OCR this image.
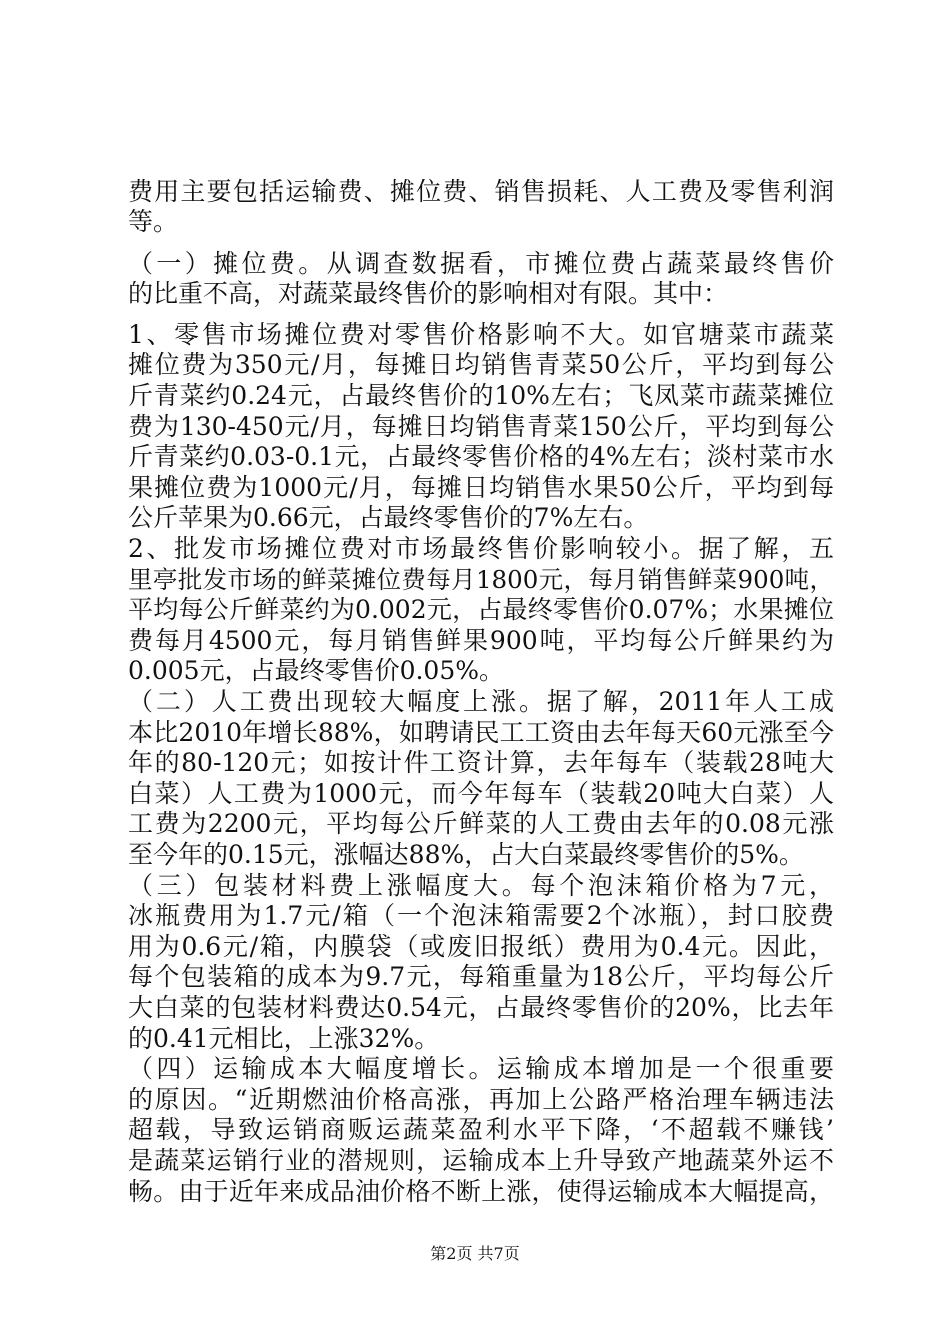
费用主要包括运输费、摊位费、销售损耗、人工费及零售利润
等。
（一）摊位费。从调查数据看，市摊位费占蔬菜最终售价
的比重不高，对蔬菜最终售价的影响相对有限。其中：
1、零售市场摊位费对零售价格影响不大。如官塘菜市蔬菜
摊位费为350元/月，每摊日均销售青菜50公斤，平均到每公
斤青菜约0.24元，占最终售价的10%左右；飞凤菜市蔬菜摊位
费为130-450元/月，每摊日均销售青菜150公斤，平均到每公
斤青菜约0.03-0.1元，占最终零售价格的4%左右；淡村菜市水
果摊位费为1000元/月，每摊日均销售水果50公斤，平均到每
公斤苹果为0.66元，占最终零售价的7%左右。
2、批发市场摊位费对市场最终售价影响较小。据了解，五
里亭批发市场的鲜菜摊位费每月1800元，每月销售鲜菜900吨，
平均每公斤鲜菜约为0.002元，占最终零售价0.07%；水果摊位
费每月4500元，每月销售鲜果900吨，平均每公斤鲜果约为
0.005元，占最终零售价0.05%。
（二）人工费出现较大幅度上涨。据了解，2011年人工成
本比2010年增长88%，如聘请民工工资由去年每天60元涨至今
年的80-120元；如按计件工资计算，去年每车（装载28吨大
白菜）人工费为1000元，而今年每车（装载20吨大白菜）人
工费为2200元，平均每公斤鲜菜的人工费由去年的0.08元涨
至今年的0.15元，涨幅达88%，占大白菜最终零售价的5%。
（三）包装材料费上涨幅度大。每个泡沫箱价格为7元，
冰瓶费用为1.7元/箱（一个泡沫箱需要2个冰瓶），封口胶费
用为0.6元/箱，内膜袋（或废旧报纸）费用为0.4元。因此，
每个包装箱的成本为9.7元，每箱重量为18公斤，平均每公斤
大白菜的包装材料费达0.54元，占最终零售价的20%，比去年
的0.41元相比，上涨32%。
（四）运输成本大幅度增长。运输成本增加是一个很重要
的原因。“近期燃油价格高涨，再加上公路严格治理车辆违法
超载，导致运销商贩运蔬菜盈利水平下降，‘不超载不赚钱’
是蔬菜运销行业的潜规则，运输成本上升导致产地蔬菜外运不
畅。由于近年来成品油价格不断上涨，使得运输成本大幅提高，
第2页 共7页
